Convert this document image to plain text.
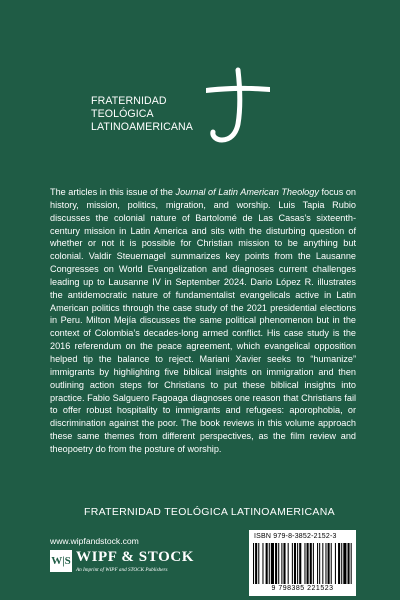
FRATERNIDAD
TEOLÓGICA
LATINOAMERICANA
The articles in this issue of the Journal of Latin American Theology focus on history, mission, politics, migration, and worship. Luis Tapia Rubio discusses the colonial nature of Bartolomé de Las Casas’s sixteenth-century mission in Latin America and sits with the disturbing question of whether or not it is possible for Christian mission to be anything but colonial. Valdir Steuernagel summarizes key points from the Lausanne Congresses on World Evangelization and diagnoses current challenges leading up to Lausanne IV in September 2024. Dario López R. illustrates the antidemocratic nature of fundamentalist evangelicals active in Latin American politics through the case study of the 2021 presidential elections in Peru. Milton Mejía discusses the same political phenomenon but in the context of Colombia’s decades-long armed conflict. His case study is the 2016 referendum on the peace agreement, which evangelical opposition helped tip the balance to reject. Mariani Xavier seeks to “humanize” immigrants by highlighting five biblical insights on immigration and then outlining action steps for Christians to put these biblical insights into practice. Fabio Salguero Fagoaga diagnoses one reason that Christians fail to offer robust hospitality to immigrants and refugees: aporophobia, or discrimination against the poor. The book reviews in this volume approach these same themes from different perspectives, as the film review and theopoetry do from the posture of worship.
FRATERNIDAD TEOLÓGICA LATINOAMERICANA
www.wipfandstock.com
W|S WIPF & STOCK
An Imprint of WIPF and STOCK Publishers
ISBN 979-8-3852-2152-3
9 798385 221523
